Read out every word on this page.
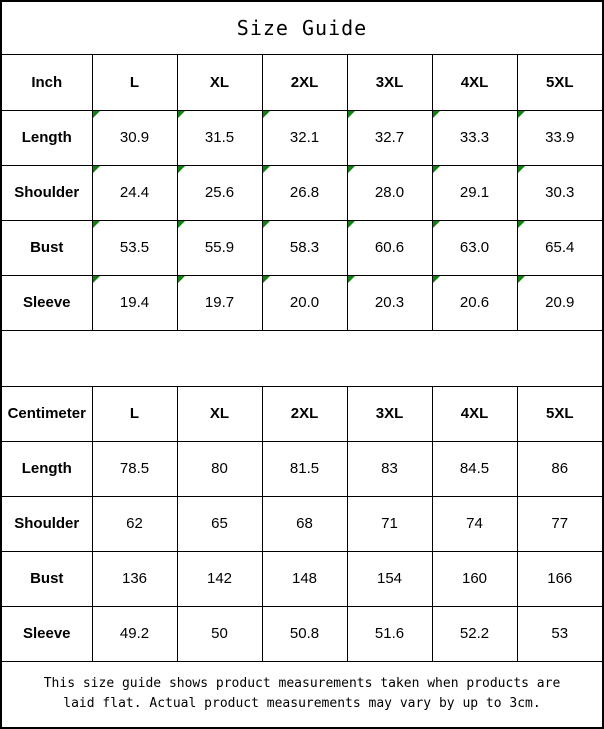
Size Guide
Inch	L	XL	2XL	3XL	4XL	5XL
Length	30.9	31.5	32.1	32.7	33.3	33.9
Shoulder	24.4	25.6	26.8	28.0	29.1	30.3
Bust	53.5	55.9	58.3	60.6	63.0	65.4
Sleeve	19.4	19.7	20.0	20.3	20.6	20.9
Centimeter	L	XL	2XL	3XL	4XL	5XL
Length	78.5	80	81.5	83	84.5	86
Shoulder	62	65	68	71	74	77
Bust	136	142	148	154	160	166
Sleeve	49.2	50	50.8	51.6	52.2	53

This size guide shows product measurements taken when products are laid flat. Actual product measurements may vary by up to 3cm.
